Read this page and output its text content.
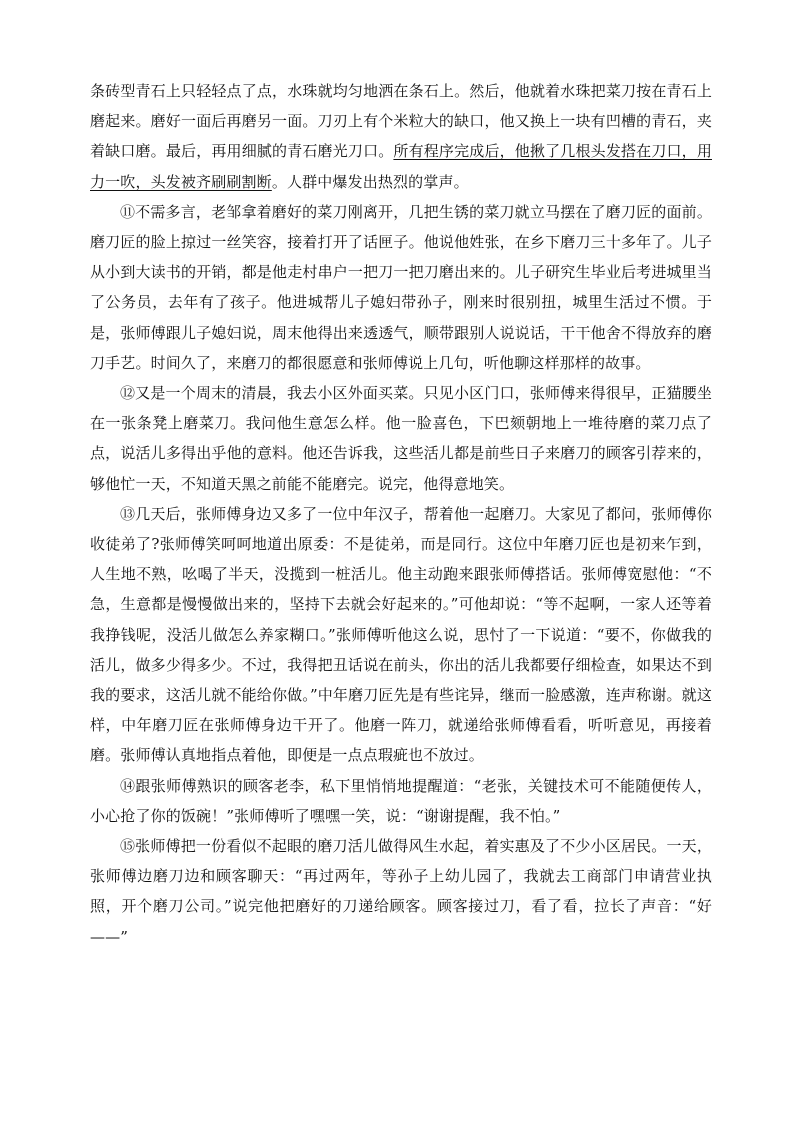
条砖型青石上只轻轻点了点，水珠就均匀地洒在条石上。然后，他就着水珠把菜刀按在青石上磨起来。磨好一面后再磨另一面。刀刃上有个米粒大的缺口，他又换上一块有凹槽的青石，夹着缺口磨。最后，再用细腻的青石磨光刀口。所有程序完成后，他揪了几根头发搭在刀口，用力一吹，头发被齐刷刷割断。人群中爆发出热烈的掌声。

⑪不需多言，老邹拿着磨好的菜刀刚离开，几把生锈的菜刀就立马摆在了磨刀匠的面前。磨刀匠的脸上掠过一丝笑容，接着打开了话匣子。他说他姓张，在乡下磨刀三十多年了。儿子从小到大读书的开销，都是他走村串户一把刀一把刀磨出来的。儿子研究生毕业后考进城里当了公务员，去年有了孩子。他进城帮儿子媳妇带孙子，刚来时很别扭，城里生活过不惯。于是，张师傅跟儿子媳妇说，周末他得出来透透气，顺带跟别人说说话，干干他舍不得放弃的磨刀手艺。时间久了，来磨刀的都很愿意和张师傅说上几句，听他聊这样那样的故事。

⑫又是一个周末的清晨，我去小区外面买菜。只见小区门口，张师傅来得很早，正猫腰坐在一张条凳上磨菜刀。我问他生意怎么样。他一脸喜色，下巴颏朝地上一堆待磨的菜刀点了点，说活儿多得出乎他的意料。他还告诉我，这些活儿都是前些日子来磨刀的顾客引荐来的，够他忙一天，不知道天黑之前能不能磨完。说完，他得意地笑。

⑬几天后，张师傅身边又多了一位中年汉子，帮着他一起磨刀。大家见了都问，张师傅你收徒弟了?张师傅笑呵呵地道出原委：不是徒弟，而是同行。这位中年磨刀匠也是初来乍到，人生地不熟，吆喝了半天，没揽到一桩活儿。他主动跑来跟张师傅搭话。张师傅宽慰他：“不急，生意都是慢慢做出来的，坚持下去就会好起来的。”可他却说：“等不起啊，一家人还等着我挣钱呢，没活儿做怎么养家糊口。”张师傅听他这么说，思忖了一下说道：“要不，你做我的活儿，做多少得多少。不过，我得把丑话说在前头，你出的活儿我都要仔细检查，如果达不到我的要求，这活儿就不能给你做。”中年磨刀匠先是有些诧异，继而一脸感激，连声称谢。就这样，中年磨刀匠在张师傅身边干开了。他磨一阵刀，就递给张师傅看看，听听意见，再接着磨。张师傅认真地指点着他，即便是一点点瑕疵也不放过。

⑭跟张师傅熟识的顾客老李，私下里悄悄地提醒道：“老张，关键技术可不能随便传人，小心抢了你的饭碗！”张师傅听了嘿嘿一笑，说：“谢谢提醒，我不怕。”

⑮张师傅把一份看似不起眼的磨刀活儿做得风生水起，着实惠及了不少小区居民。一天，张师傅边磨刀边和顾客聊天：“再过两年，等孙子上幼儿园了，我就去工商部门申请营业执照，开个磨刀公司。”说完他把磨好的刀递给顾客。顾客接过刀，看了看，拉长了声音：“好——”
